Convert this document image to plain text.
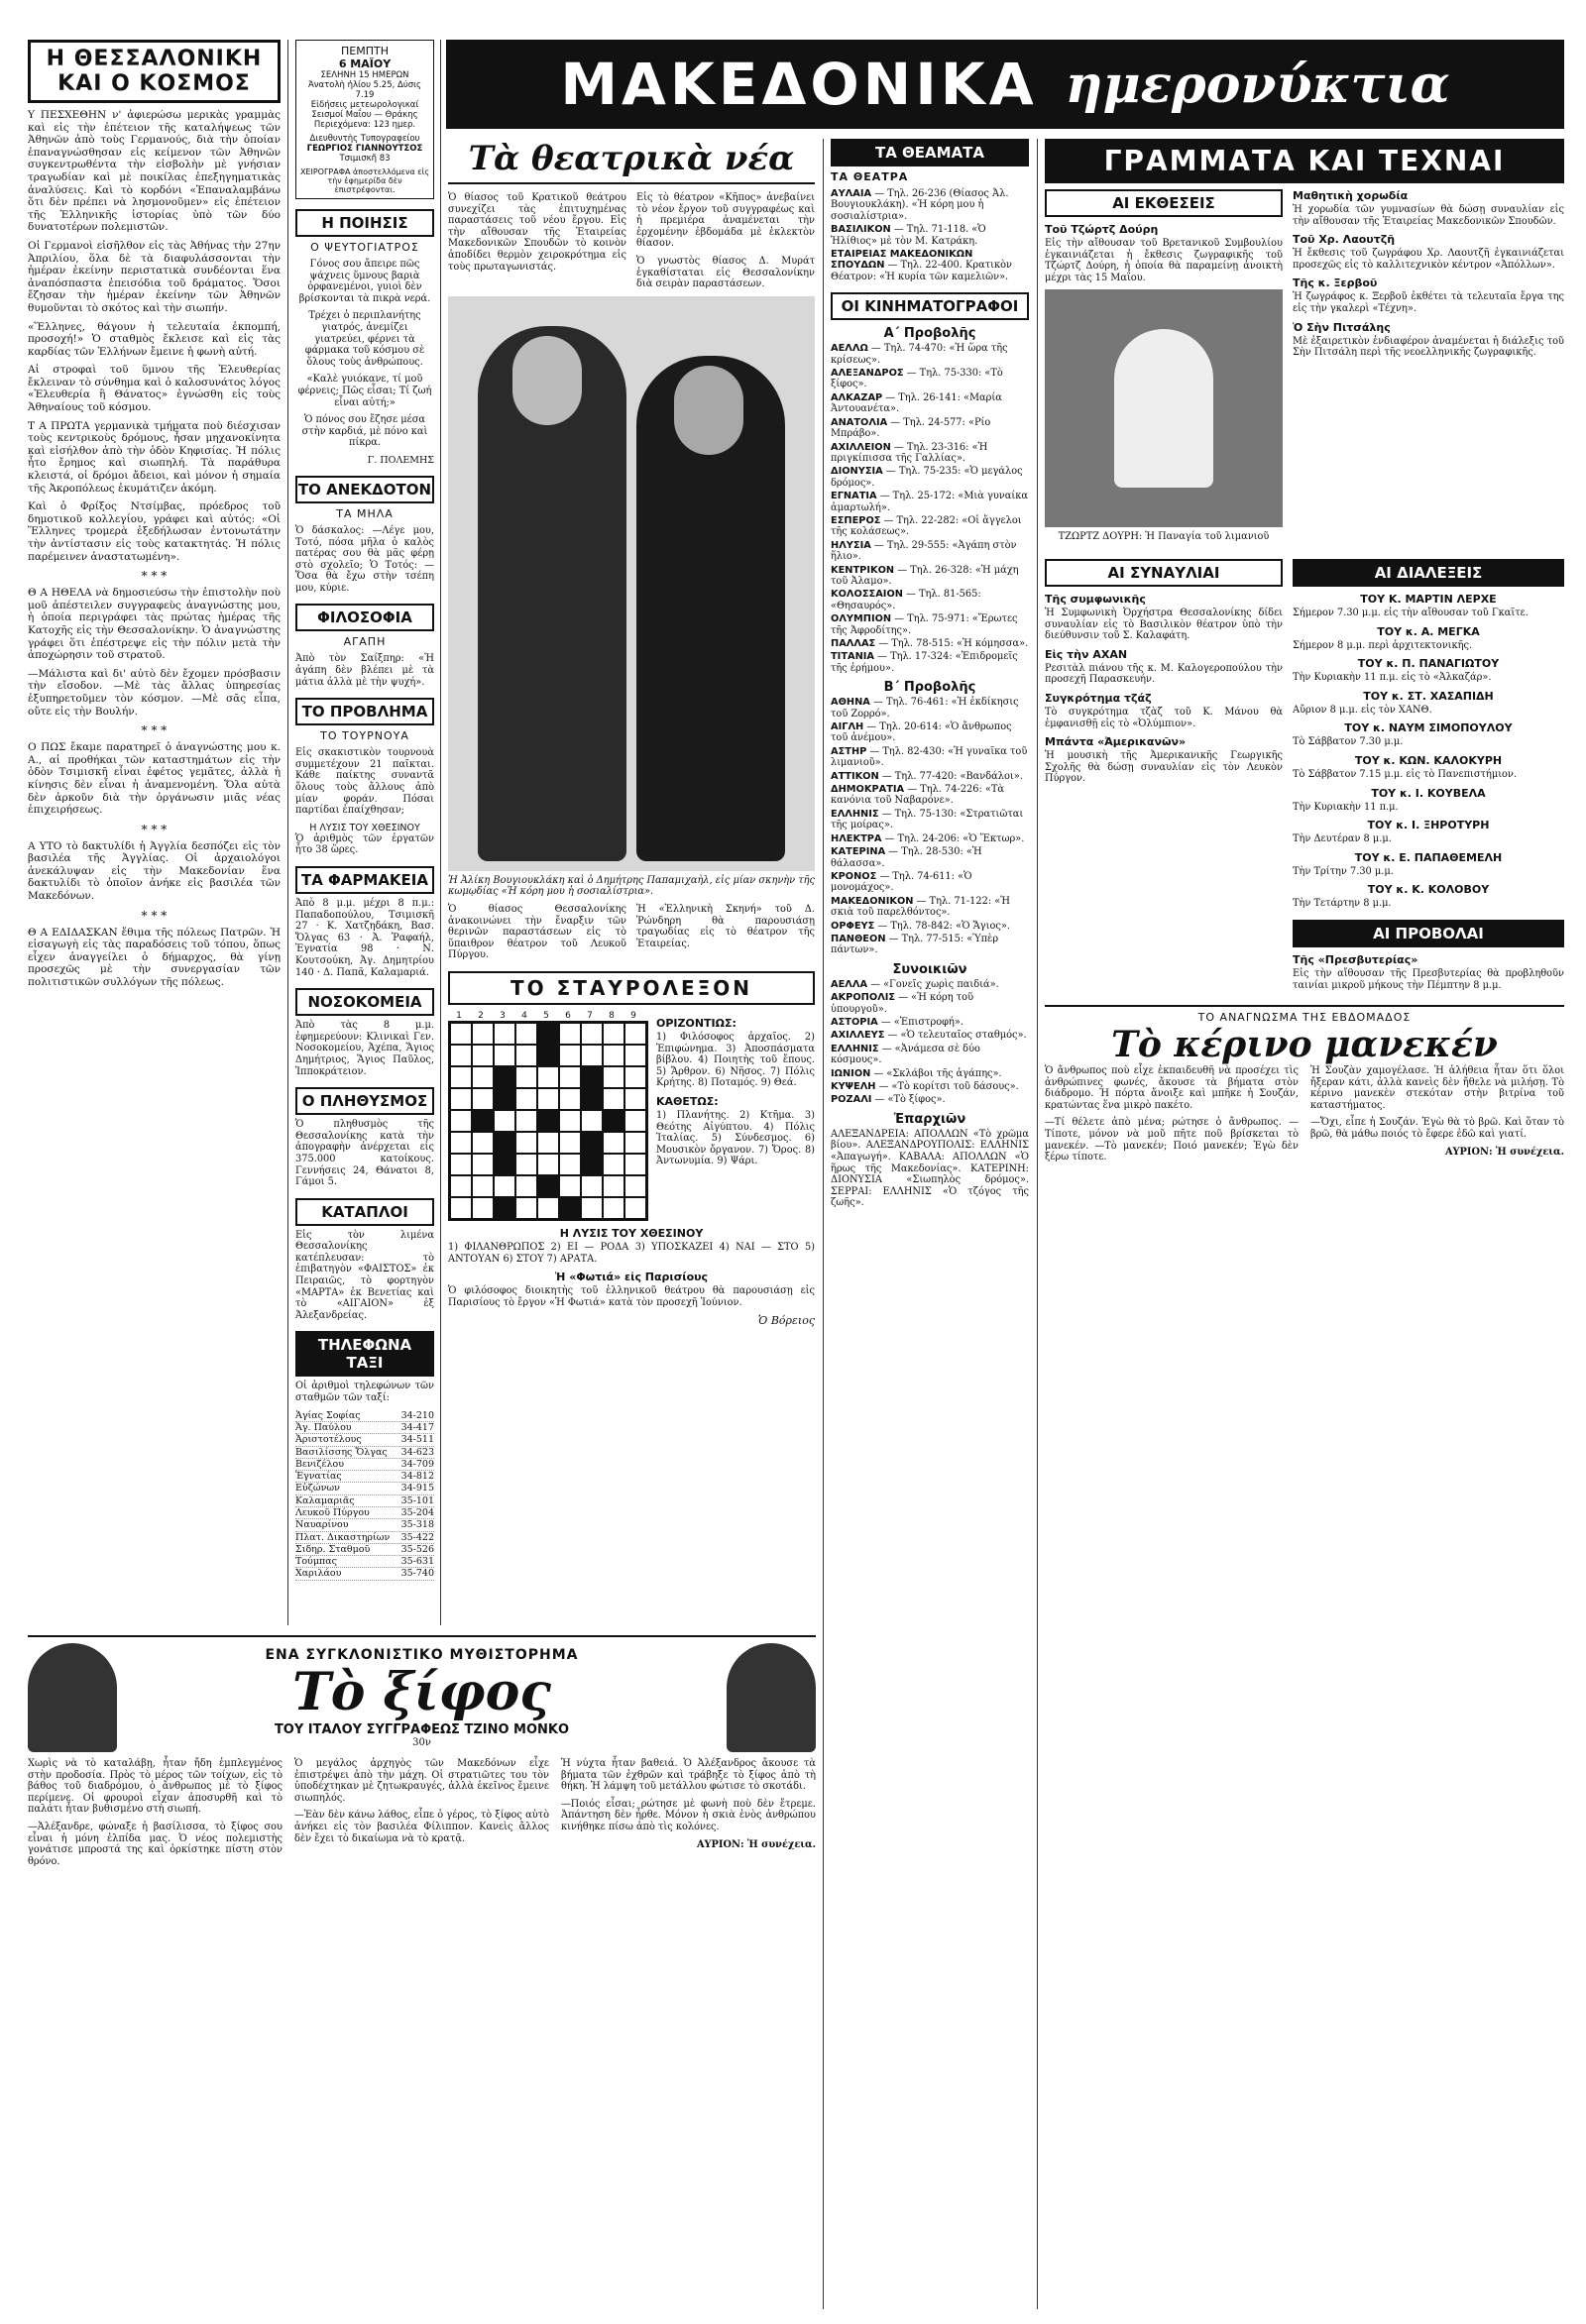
Η ΘΕΣΣΑΛΟΝΙΚΗ
ΚΑΙ Ο ΚΟΣΜΟΣ

Υ ΠΕΣΧΕΘΗΝ ν' ἀφιερώσω μερικὰς γραμμὰς καὶ εἰς τὴν ἐπέτειον τῆς καταλήψεως τῶν Ἀθηνῶν ἀπὸ τοὺς Γερμανούς, διὰ τὴν ὁποίαν ἐπαναγνώσθησαν εἰς κείμενον τῶν Ἀθηνῶν συγκεντρωθέντα τὴν εἰσβολὴν μὲ γνήσιαν τραγωδίαν καὶ μὲ ποικίλας ἐπεξηγηματικὰς ἀναλύσεις. Καὶ τὸ κορδόνι «Ἐπαναλαμβάνω ὅτι δὲν πρέπει νὰ λησμονοῦμεν» εἰς ἐπέτειον τῆς Ἑλληνικῆς ἱστορίας ὑπὸ τῶν δύο δυνατοτέρων πολεμιστῶν.

Οἱ Γερμανοὶ εἰσῆλθον εἰς τὰς Ἀθήνας τὴν 27ην Ἀπριλίου, ὅλα δὲ τὰ διαφυλάσσονται τὴν ἡμέραν ἐκείνην περιστατικὰ συνδέονται ἕνα ἀναπόσπαστα ἐπεισόδια τοῦ δράματος. Ὅσοι ἔζησαν τὴν ἡμέραν ἐκείνην τῶν Ἀθηνῶν θυμοῦνται τὸ σκότος καὶ τὴν σιωπήν.

«Ἕλληνες, θάγουν ἡ τελευταία ἐκπομπή, προσοχή!» Ὁ σταθμὸς ἔκλεισε καὶ εἰς τὰς καρδίας τῶν Ἑλλήνων ἔμεινε ἡ φωνὴ αὐτή.

Αἱ στροφαὶ τοῦ ὕμνου τῆς Ἐλευθερίας ἔκλειναν τὸ σύνθημα καὶ ὁ καλοσυνάτος λόγος «Ἐλευθερία ἢ Θάνατος» ἐγνώσθη εἰς τοὺς Ἀθηναίους τοῦ κόσμου.

Τ Α ΠΡΩΤΑ γερμανικὰ τμήματα ποὺ διέσχισαν τοὺς κεντρικοὺς δρόμους, ἦσαν μηχανοκίνητα καὶ εἰσήλθον ἀπὸ τὴν ὁδὸν Κηφισίας. Ἡ πόλις ἦτο ἔρημος καὶ σιωπηλή. Τὰ παράθυρα κλειστά, οἱ δρόμοι ἄδειοι, καὶ μόνον ἡ σημαία τῆς Ἀκροπόλεως ἐκυμάτιζεν ἀκόμη.

Καὶ ὁ Φρίξος Ντσίμβας, πρόεδρος τοῦ δημοτικοῦ κολλεγίου, γράφει καὶ αὐτός: «Οἱ Ἕλληνες τρομερὰ ἐξεδήλωσαν ἐντονωτάτην τὴν ἀντίστασιν εἰς τοὺς κατακτητάς. Ἡ πόλις παρέμεινεν ἀναστατωμένη».

* * *

Θ Α ΗΘΕΛΑ νὰ δημοσιεύσω τὴν ἐπιστολὴν ποὺ μοῦ ἀπέστειλεν συγγραφεὺς ἀναγνώστης μου, ἡ ὁποία περιγράφει τὰς πρώτας ἡμέρας τῆς Κατοχῆς εἰς τὴν Θεσσαλονίκην. Ὁ ἀναγνώστης γράφει ὅτι ἐπέστρεψε εἰς τὴν πόλιν μετὰ τὴν ἀποχώρησιν τοῦ στρατοῦ.

—Μάλιστα καὶ δι' αὐτὸ δὲν ἔχομεν πρόσβασιν τὴν εἴσοδον. —Μὲ τὰς ἄλλας ὑπηρεσίας ἐξυπηρετοῦμεν τὸν κόσμον. —Μὲ σᾶς εἶπα, οὔτε εἰς τὴν Βουλήν.

* * *

Ο ΠΩΣ ἔκαμε παρατηρεῖ ὁ ἀναγνώστης μου κ. Α., αἱ προθήκαι τῶν καταστημάτων εἰς τὴν ὁδὸν Τσιμισκῆ εἶναι ἐφέτος γεμᾶτες, ἀλλὰ ἡ κίνησις δὲν εἶναι ἡ ἀναμενομένη. Ὅλα αὐτὰ δὲν ἀρκοῦν διὰ τὴν ὀργάνωσιν μιᾶς νέας ἐπιχειρήσεως.

* * *

Α ΥΤΟ τὸ δακτυλίδι ἡ Ἀγγλία δεσπόζει εἰς τὸν βασιλέα τῆς Ἀγγλίας. Οἱ ἀρχαιολόγοι ἀνεκάλυψαν εἰς τὴν Μακεδονίαν ἕνα δακτυλίδι τὸ ὁποῖον ἀνήκε εἰς βασιλέα τῶν Μακεδόνων.

* * *

Θ Α ΕΔΙΔΑΣΚΑΝ ἔθιμα τῆς πόλεως Πατρῶν. Ἡ εἰσαγωγὴ εἰς τὰς παραδόσεις τοῦ τόπου, ὅπως εἶχεν ἀναγγείλει ὁ δήμαρχος, θὰ γίνῃ προσεχῶς μὲ τὴν συνεργασίαν τῶν πολιτιστικῶν συλλόγων τῆς πόλεως.

ΠΕΜΠΤΗ
6 ΜΑΪΟΥ
ΣΕΛΗΝΗ 15 ΗΜΕΡΩΝ
Ἀνατολὴ ἡλίου 5.25, Δύσις 7.19
Εἰδήσεις μετεωρολογικαί
Σεισμοί Μαΐου — Θράκης
Περιεχόμενα: 123 ημερ.
Διευθυντὴς Τυπογραφείου
ΓΕΩΡΓΙΟΣ ΓΙΑΝΝΟΥΤΣΟΣ
Τσιμισκῆ 83
ΧΕΙΡΟΓΡΑΦΑ ἀποστελλόμενα εἰς τὴν ἐφημερίδα δὲν ἐπιστρέφονται.
Η ΠΟΙΗΣΙΣ
Ο ΨΕΥΤΟΓΙΑΤΡΟΣ

Γόνος σου ἄπειρε πῶς ψάχνεις ὕμνους βαριὰ ὀρφανεμένοι, γυιοὶ δὲν βρίσκονται τὰ πικρὰ νερά.

Τρέχει ὁ περιπλανήτης γιατρός, ἀνεμίζει γιατρεύει, φέρνει τὰ φάρμακα τοῦ κόσμου σὲ ὅλους τοὺς ἀνθρώπους.

«Καλὲ γυιόκανε, τί μοῦ φέρνεις; Πῶς εἶσαι; Τί ζωή εἶναι αὐτή;»

Ὁ πόνος σου ἔζησε μέσα στὴν καρδιά, μὲ πόνο καὶ πίκρα.

Γ. ΠΟΛΕΜΗΣ
ΤΟ ΑΝΕΚΔΟΤΟΝ
ΤΑ ΜΗΛΑ

Ὁ δάσκαλος: —Λέγε μου, Τοτό, πόσα μῆλα ὁ καλὸς πατέρας σου θὰ μᾶς φέρῃ στὸ σχολεῖο; Ὁ Τοτός: —Ὅσα θὰ ἔχω στὴν τσέπη μου, κύριε.

ΦΙΛΟΣΟΦΙΑ
ΑΓΑΠΗ

Ἀπὸ τὸν Σαίξπηρ: «Ἡ ἀγάπη δὲν βλέπει μὲ τὰ μάτια ἀλλὰ μὲ τὴν ψυχή».

ΤΟ ΠΡΟΒΛΗΜΑ
ΤΟ ΤΟΥΡΝΟΥΑ

Εἰς σκακιστικὸν τουρνουὰ συμμετέχουν 21 παῖκται. Κάθε παίκτης συναντᾶ ὅλους τοὺς ἄλλους ἀπὸ μίαν φοράν. Πόσαι παρτίδαι ἐπαίχθησαν;

Η ΛΥΣΙΣ ΤΟΥ ΧΘΕΣΙΝΟΥ

Ὁ ἀριθμὸς τῶν ἐργατῶν ἦτο 38 ὥρες.

ΤΑ ΦΑΡΜΑΚΕΙΑ

Ἀπὸ 8 μ.μ. μέχρι 8 π.μ.: Παπαδοπούλου, Τσιμισκῆ 27 · Κ. Χατζηδάκη, Βασ. Ὄλγας 63 · Ἀ. Ῥαφαήλ, Ἐγνατία 98 · Ν. Κουτσούκη, Ἀγ. Δημητρίου 140 · Δ. Παπᾶ, Καλαμαριά.

ΝΟΣΟΚΟΜΕΙΑ

Ἀπὸ τὰς 8 μ.μ. ἐφημερεύουν: Κλινικαὶ Γεν. Νοσοκομείου, Ἀχέπα, Ἅγιος Δημήτριος, Ἅγιος Παῦλος, Ἱπποκράτειον.

Ο ΠΛΗΘΥΣΜΟΣ

Ὁ πληθυσμὸς τῆς Θεσσαλονίκης κατὰ τὴν ἀπογραφὴν ἀνέρχεται εἰς 375.000 κατοίκους. Γεννήσεις 24, Θάνατοι 8, Γάμοι 5.

ΚΑΤΑΠΛΟΙ

Εἰς τὸν λιμένα Θεσσαλονίκης κατέπλευσαν: τὸ ἐπιβατηγὸν «ΦΑΙΣΤΟΣ» ἐκ Πειραιῶς, τὸ φορτηγὸν «ΜΑΡΤΑ» ἐκ Βενετίας καὶ τὸ «ΑΙΓΑΙΟΝ» ἐξ Ἀλεξανδρείας.

ΤΗΛΕΦΩΝΑ ΤΑΞΙ

Οἱ ἀριθμοὶ τηλεφώνων τῶν σταθμῶν τῶν ταξί:

Ἁγίας Σοφίας	34-210
Ἀγ. Παύλου	34-417
Ἀριστοτέλους	34-511
Βασιλίσσης Ὄλγας 34-623
Βενιζέλου	34-709
Ἐγνατίας	34-812
Εὐζώνων	34-915
Καλαμαριᾶς	35-101
Λευκοῦ Πύργου	35-204
Ναυαρίνου	35-318
Πλατ. Δικαστηρίων 35-422
Σιδηρ. Σταθμοῦ	35-526
Τούμπας	35-631
Χαριλάου	35-740
ΜΑΚΕΔΟΝΙΚΑ ημερονύκτια
Τὰ θεατρικὰ νέα

Ὁ θίασος τοῦ Κρατικοῦ θεάτρου συνεχίζει τὰς ἐπιτυχημένας παραστάσεις τοῦ νέου ἔργου. Εἰς τὴν αἴθουσαν τῆς Ἑταιρείας Μακεδονικῶν Σπουδῶν τὸ κοινὸν ἀποδίδει θερμὸν χειροκρότημα εἰς τοὺς πρωταγωνιστάς.

Εἰς τὸ θέατρον «Κῆπος» ἀνεβαίνει τὸ νέον ἔργον τοῦ συγγραφέως καὶ ἡ πρεμιέρα ἀναμένεται τὴν ἐρχομένην ἑβδομάδα μὲ ἐκλεκτὸν θίασον.

Ὁ γνωστὸς θίασος Δ. Μυράτ ἐγκαθίσταται εἰς Θεσσαλονίκην διὰ σειρὰν παραστάσεων.

Ἡ Ἀλίκη Βουγιουκλάκη καὶ ὁ Δημήτρης Παπαμιχαὴλ, εἰς μίαν σκηνὴν τῆς κωμῳδίας «Ἡ κόρη μου ἡ σοσιαλίστρια».

Ὁ θίασος Θεσσαλονίκης ἀνακοινώνει τὴν ἔναρξιν τῶν θερινῶν παραστάσεων εἰς τὸ ὕπαιθρον θέατρον τοῦ Λευκοῦ Πύργου.

Ἡ «Ἑλληνικὴ Σκηνή» τοῦ Δ. Ῥώνδηρη θὰ παρουσιάσῃ τραγωδίας εἰς τὸ θέατρον τῆς Ἑταιρείας.

ΤΟ ΣΤΑΥΡΟΛΕΞΟΝ
1	2	3	4	5	6	7	8	9
ΟΡΙΖΟΝΤΙΩΣ:

1) Φιλόσοφος ἀρχαῖος. 2) Ἐπιφώνημα. 3) Ἀποσπάσματα βίβλου. 4) Ποιητὴς τοῦ ἔπους. 5) Ἄρθρον. 6) Νῆσος. 7) Πόλις Κρήτης. 8) Ποταμός. 9) Θεά.

ΚΑΘΕΤΩΣ:

1) Πλανήτης. 2) Κτῆμα. 3) Θεότης Αἰγύπτου. 4) Πόλις Ἰταλίας. 5) Σύνδεσμος. 6) Μουσικὸν ὄργανον. 7) Ὄρος. 8) Ἀντωνυμία. 9) Ψάρι.

Η ΛΥΣΙΣ ΤΟΥ ΧΘΕΣΙΝΟΥ

1) ΦΙΛΑΝΘΡΩΠΟΣ 2) ΕΙ — ΡΟΔΑ 3) ΥΠΟΣΚΑΖΕΙ 4) ΝΑΙ — ΣΤΟ 5) ΑΝΤΟΥΑΝ 6) ΣΤΟΥ 7) ΑΡΑΤΑ.

Ἡ «Φωτιά» εἰς Παρισίους

Ὁ φιλόσοφος διοικητὴς τοῦ ἑλληνικοῦ θεάτρου θὰ παρουσιάσῃ εἰς Παρισίους τὸ ἔργον «Ἡ Φωτιά» κατὰ τὸν προσεχῆ Ἰούνιον.

Ὁ Βόρειος
ΤΑ ΘΕΑΜΑΤΑ
ΤΑ ΘΕΑΤΡΑ
ΑΥΛΑΙΑ — Τηλ. 26-236 (Θίασος Ἀλ. Βουγιουκλάκη). «Ἡ κόρη μου ἡ σοσιαλίστρια».
ΒΑΣΙΛΙΚΟΝ — Τηλ. 71-118. «Ὁ Ἡλίθιος» μὲ τὸν Μ. Κατράκη.
ΕΤΑΙΡΕΙΑΣ ΜΑΚΕΔΟΝΙΚΩΝ ΣΠΟΥΔΩΝ — Τηλ. 22-400. Κρατικὸν Θέατρον: «Ἡ κυρία τῶν καμελιῶν».
ΟΙ ΚΙΝΗΜΑΤΟΓΡΑΦΟΙ
Α΄ Προβολῆς
ΑΕΛΛΩ — Τηλ. 74-470: «Ἡ ὥρα τῆς κρίσεως».
ΑΛΕΞΑΝΔΡΟΣ — Τηλ. 75-330: «Τὸ ξίφος».
ΑΛΚΑΖΑΡ — Τηλ. 26-141: «Μαρία Ἀντουανέτα».
ΑΝΑΤΟΛΙΑ — Τηλ. 24-577: «Ρίο Μπράβο».
ΑΧΙΛΛΕΙΟΝ — Τηλ. 23-316: «Ἡ πριγκίπισσα τῆς Γαλλίας».
ΔΙΟΝΥΣΙΑ — Τηλ. 75-235: «Ὁ μεγάλος δρόμος».
ΕΓΝΑΤΙΑ — Τηλ. 25-172: «Μιὰ γυναίκα ἀμαρτωλή».
ΕΣΠΕΡΟΣ — Τηλ. 22-282: «Οἱ ἄγγελοι τῆς κολάσεως».
ΗΛΥΣΙΑ — Τηλ. 29-555: «Ἀγάπη στὸν ἥλιο».
ΚΕΝΤΡΙΚΟΝ — Τηλ. 26-328: «Ἡ μάχη τοῦ Ἀλαμο».
ΚΟΛΟΣΣΑΙΟΝ — Τηλ. 81-565: «Θησαυρός».
ΟΛΥΜΠΙΟΝ — Τηλ. 75-971: «Ἔρωτες τῆς Ἀφροδίτης».
ΠΑΛΛΑΣ — Τηλ. 78-515: «Ἡ κόμησσα».
ΤΙΤΑΝΙΑ — Τηλ. 17-324: «Ἐπιδρομεῖς τῆς ἐρήμου».
Β΄ Προβολῆς
ΑΘΗΝΑ — Τηλ. 76-461: «Ἡ ἐκδίκησις τοῦ Ζορρό».
ΑΙΓΛΗ — Τηλ. 20-614: «Ὁ ἄνθρωπος τοῦ ἀνέμου».
ΑΣΤΗΡ — Τηλ. 82-430: «Ἡ γυναῖκα τοῦ λιμανιοῦ».
ΑΤΤΙΚΟΝ — Τηλ. 77-420: «Βανδάλοι».
ΔΗΜΟΚΡΑΤΙΑ — Τηλ. 74-226: «Τὰ κανόνια τοῦ Ναβαρόνε».
ΕΛΛΗΝΙΣ — Τηλ. 75-130: «Στρατιῶται τῆς μοίρας».
ΗΛΕΚΤΡΑ — Τηλ. 24-206: «Ὁ Ἕκτωρ».
ΚΑΤΕΡΙΝΑ — Τηλ. 28-530: «Ἡ θάλασσα».
ΚΡΟΝΟΣ — Τηλ. 74-611: «Ὁ μονομάχος».
ΜΑΚΕΔΟΝΙΚΟΝ — Τηλ. 71-122: «Ἡ σκιὰ τοῦ παρελθόντος».
ΟΡΦΕΥΣ — Τηλ. 78-842: «Ὁ Ἄγιος».
ΠΑΝΘΕΟΝ — Τηλ. 77-515: «Ὑπὲρ πάντων».
Συνοικιῶν
ΑΕΛΛΑ — «Γονεῖς χωρὶς παιδιά».
ΑΚΡΟΠΟΛΙΣ — «Ἡ κόρη τοῦ ὑπουργοῦ».
ΑΣΤΟΡΙΑ — «Ἐπιστροφή».
ΑΧΙΛΛΕΥΣ — «Ὁ τελευταῖος σταθμός».
ΕΛΛΗΝΙΣ — «Ἀνάμεσα σὲ δύο κόσμους».
ΙΩΝΙΟΝ — «Σκλάβοι τῆς ἀγάπης».
ΚΥΨΕΛΗ — «Τὸ κορίτσι τοῦ δάσους».
ΡΟΖΑΛΙ — «Τὸ ξίφος».
Ἐπαρχιῶν

ΑΛΕΞΑΝΔΡΕΙΑ: ΑΠΟΛΛΩΝ «Τὸ χρῶμα βίου». ΑΛΕΞΑΝΔΡΟΥΠΟΛΙΣ: ΕΛΛΗΝΙΣ «Ἀπαγωγή». ΚΑΒΑΛΑ: ΑΠΟΛΛΩΝ «Ὁ ἥρως τῆς Μακεδονίας». ΚΑΤΕΡΙΝΗ: ΔΙΟΝΥΣΙΑ «Σιωπηλὸς δρόμος». ΣΕΡΡΑΙ: ΕΛΛΗΝΙΣ «Ὁ τζόγος τῆς ζωῆς».

ΓΡΑΜΜΑΤΑ ΚΑΙ ΤΕΧΝΑΙ
ΑΙ ΕΚΘΕΣΕΙΣ
Τοῦ Τζώρτζ Δούρη

Εἰς τὴν αἴθουσαν τοῦ Βρετανικοῦ Συμβουλίου ἐγκαινιάζεται ἡ ἔκθεσις ζωγραφικῆς τοῦ Τζώρτζ Δούρη, ἡ ὁποία θὰ παραμείνῃ ἀνοικτὴ μέχρι τὰς 15 Μαΐου.

ΤΖΩΡΤΖ ΔΟΥΡΗ: Ἡ Παναγία τοῦ λιμανιοῦ

Μαθητικὴ χορωδία

Ἡ χορωδία τῶν γυμνασίων θὰ δώσῃ συναυλίαν εἰς τὴν αἴθουσαν τῆς Ἑταιρείας Μακεδονικῶν Σπουδῶν.

Τοῦ Χρ. Λαουτζῆ

Ἡ ἔκθεσις τοῦ ζωγράφου Χρ. Λαουτζῆ ἐγκαινιάζεται προσεχῶς εἰς τὸ καλλιτεχνικὸν κέντρον «Ἀπόλλων».

Τῆς κ. Ξερβοῦ

Ἡ ζωγράφος κ. Ξερβοῦ ἐκθέτει τὰ τελευταῖα ἔργα της εἰς τὴν γκαλερὶ «Τέχνη».

Ὁ Σὴν Πιτσάλης

Μὲ ἐξαιρετικὸν ἐνδιαφέρον ἀναμένεται ἡ διάλεξις τοῦ Σὴν Πιτσάλη περὶ τῆς νεοελληνικῆς ζωγραφικῆς.

ΑΙ ΣΥΝΑΥΛΙΑΙ
Τῆς συμφωνικῆς

Ἡ Συμφωνικὴ Ὀρχήστρα Θεσσαλονίκης δίδει συναυλίαν εἰς τὸ Βασιλικὸν θέατρον ὑπὸ τὴν διεύθυνσιν τοῦ Σ. Καλαφάτη.

Εἰς τὴν ΑΧΑΝ

Ρεσιτὰλ πιάνου τῆς κ. Μ. Καλογεροπούλου τὴν προσεχῆ Παρασκευήν.

Συγκρότημα τζάζ

Τὸ συγκρότημα τζὰζ τοῦ Κ. Μάνου θὰ ἐμφανισθῇ εἰς τὸ «Ὀλύμπιον».

Μπάντα «Ἀμερικανῶν»

Ἡ μουσικὴ τῆς Ἀμερικανικῆς Γεωργικῆς Σχολῆς θὰ δώσῃ συναυλίαν εἰς τὸν Λευκὸν Πύργον.

ΑΙ ΔΙΑΛΕΞΕΙΣ
ΤΟΥ Κ. ΜΑΡΤΙΝ ΛΕΡΧΕ

Σήμερον 7.30 μ.μ. εἰς τὴν αἴθουσαν τοῦ Γκαῖτε.

ΤΟΥ κ. Α. ΜΕΓΚΑ

Σήμερον 8 μ.μ. περὶ ἀρχιτεκτονικῆς.

ΤΟΥ κ. Π. ΠΑΝΑΓΙΩΤΟΥ

Τὴν Κυριακὴν 11 π.μ. εἰς τὸ «Ἀλκαζάρ».

ΤΟΥ κ. ΣΤ. ΧΑΣΑΠΙΔΗ

Αὔριον 8 μ.μ. εἰς τὸν ΧΑΝΘ.

ΤΟΥ κ. ΝΑΥΜ ΣΙΜΟΠΟΥΛΟΥ

Τὸ Σάββατον 7.30 μ.μ.

ΤΟΥ κ. ΚΩΝ. ΚΑΛΟΚΥΡΗ

Τὸ Σάββατον 7.15 μ.μ. εἰς τὸ Πανεπιστήμιον.

ΤΟΥ κ. Ι. ΚΟΥΒΕΛΑ

Τὴν Κυριακὴν 11 π.μ.

ΤΟΥ κ. Ι. ΞΗΡΟΤΥΡΗ

Τὴν Δευτέραν 8 μ.μ.

ΤΟΥ κ. Ε. ΠΑΠΑΘΕΜΕΛΗ

Τὴν Τρίτην 7.30 μ.μ.

ΤΟΥ κ. Κ. ΚΟΛΟΒΟΥ

Τὴν Τετάρτην 8 μ.μ.

ΑΙ ΠΡΟΒΟΛΑΙ
Τῆς «Πρεσβυτερίας»

Εἰς τὴν αἴθουσαν τῆς Πρεσβυτερίας θὰ προβληθοῦν ταινίαι μικροῦ μήκους τὴν Πέμπτην 8 μ.μ.

ΤΟ ΑΝΑΓΝΩΣΜΑ ΤΗΣ ΕΒΔΟΜΑΔΟΣ
Τὸ κέρινο μανεκέν

Ὁ ἄνθρωπος ποὺ εἶχε ἐκπαιδευθῆ νὰ προσέχει τὶς ἀνθρώπινες φωνές, ἄκουσε τὰ βήματα στὸν διάδρομο. Ἡ πόρτα ἄνοιξε καὶ μπῆκε ἡ Σουζάν, κρατώντας ἕνα μικρὸ πακέτο.

—Τί θέλετε ἀπὸ μένα; ρώτησε ὁ ἄνθρωπος. —Τίποτε, μόνον νὰ μοῦ πῆτε ποῦ βρίσκεται τὸ μανεκέν. —Τὸ μανεκέν; Ποιό μανεκέν; Ἐγὼ δὲν ξέρω τίποτε.

Ἡ Σουζὰν χαμογέλασε. Ἡ ἀλήθεια ἦταν ὅτι ὅλοι ἤξεραν κάτι, ἀλλὰ κανεὶς δὲν ἤθελε νὰ μιλήσῃ. Τὸ κέρινο μανεκὲν στεκόταν στὴν βιτρίνα τοῦ καταστήματος.

—Ὄχι, εἶπε ἡ Σουζάν. Ἐγὼ θὰ τὸ βρῶ. Καὶ ὅταν τὸ βρῶ, θὰ μάθω ποιός τὸ ἔφερε ἐδῶ καὶ γιατί.

ΑΥΡΙΟΝ: Ἡ συνέχεια.

ΕΝΑ ΣΥΓΚΛΟΝΙΣΤΙΚΟ ΜΥΘΙΣΤΟΡΗΜΑ
Τὸ ξίφος
ΤΟΥ ΙΤΑΛΟΥ ΣΥΓΓΡΑΦΕΩΣ ΤΖΙΝΟ ΜΟΝΚΟ
30ν

Χωρὶς νὰ τὸ καταλάβῃ, ἦταν ἤδη ἐμπλεγμένος στὴν προδοσία. Πρὸς τὸ μέρος τῶν τοίχων, εἰς τὸ βάθος τοῦ διαδρόμου, ὁ ἄνθρωπος μὲ τὸ ξίφος περίμενε. Οἱ φρουροὶ εἶχαν ἀποσυρθῆ καὶ τὸ παλάτι ἦταν βυθισμένο στὴ σιωπή.

—Ἀλέξανδρε, φώναξε ἡ βασίλισσα, τὸ ξίφος σου εἶναι ἡ μόνη ἐλπίδα μας. Ὁ νέος πολεμιστὴς γονάτισε μπροστά της καὶ ὁρκίστηκε πίστη στὸν θρόνο.

Ὁ μεγάλος ἀρχηγὸς τῶν Μακεδόνων εἶχε ἐπιστρέψει ἀπὸ τὴν μάχη. Οἱ στρατιῶτες του τὸν ὑποδέχτηκαν μὲ ζητωκραυγές, ἀλλὰ ἐκεῖνος ἔμεινε σιωπηλός.

—Ἐὰν δὲν κάνω λάθος, εἶπε ὁ γέρος, τὸ ξίφος αὐτὸ ἀνήκει εἰς τὸν βασιλέα Φίλιππον. Κανεὶς ἄλλος δὲν ἔχει τὸ δικαίωμα νὰ τὸ κρατᾷ.

Ἡ νύχτα ἦταν βαθειά. Ὁ Ἀλέξανδρος ἄκουσε τὰ βήματα τῶν ἐχθρῶν καὶ τράβηξε τὸ ξίφος ἀπὸ τὴ θήκη. Ἡ λάμψη τοῦ μετάλλου φώτισε τὸ σκοτάδι.

—Ποιός εἶσαι; ρώτησε μὲ φωνὴ ποὺ δὲν ἔτρεμε. Ἀπάντηση δὲν ἦρθε. Μόνον ἡ σκιὰ ἑνὸς ἀνθρώπου κινήθηκε πίσω ἀπὸ τὶς κολόνες.

ΑΥΡΙΟΝ: Ἡ συνέχεια.
